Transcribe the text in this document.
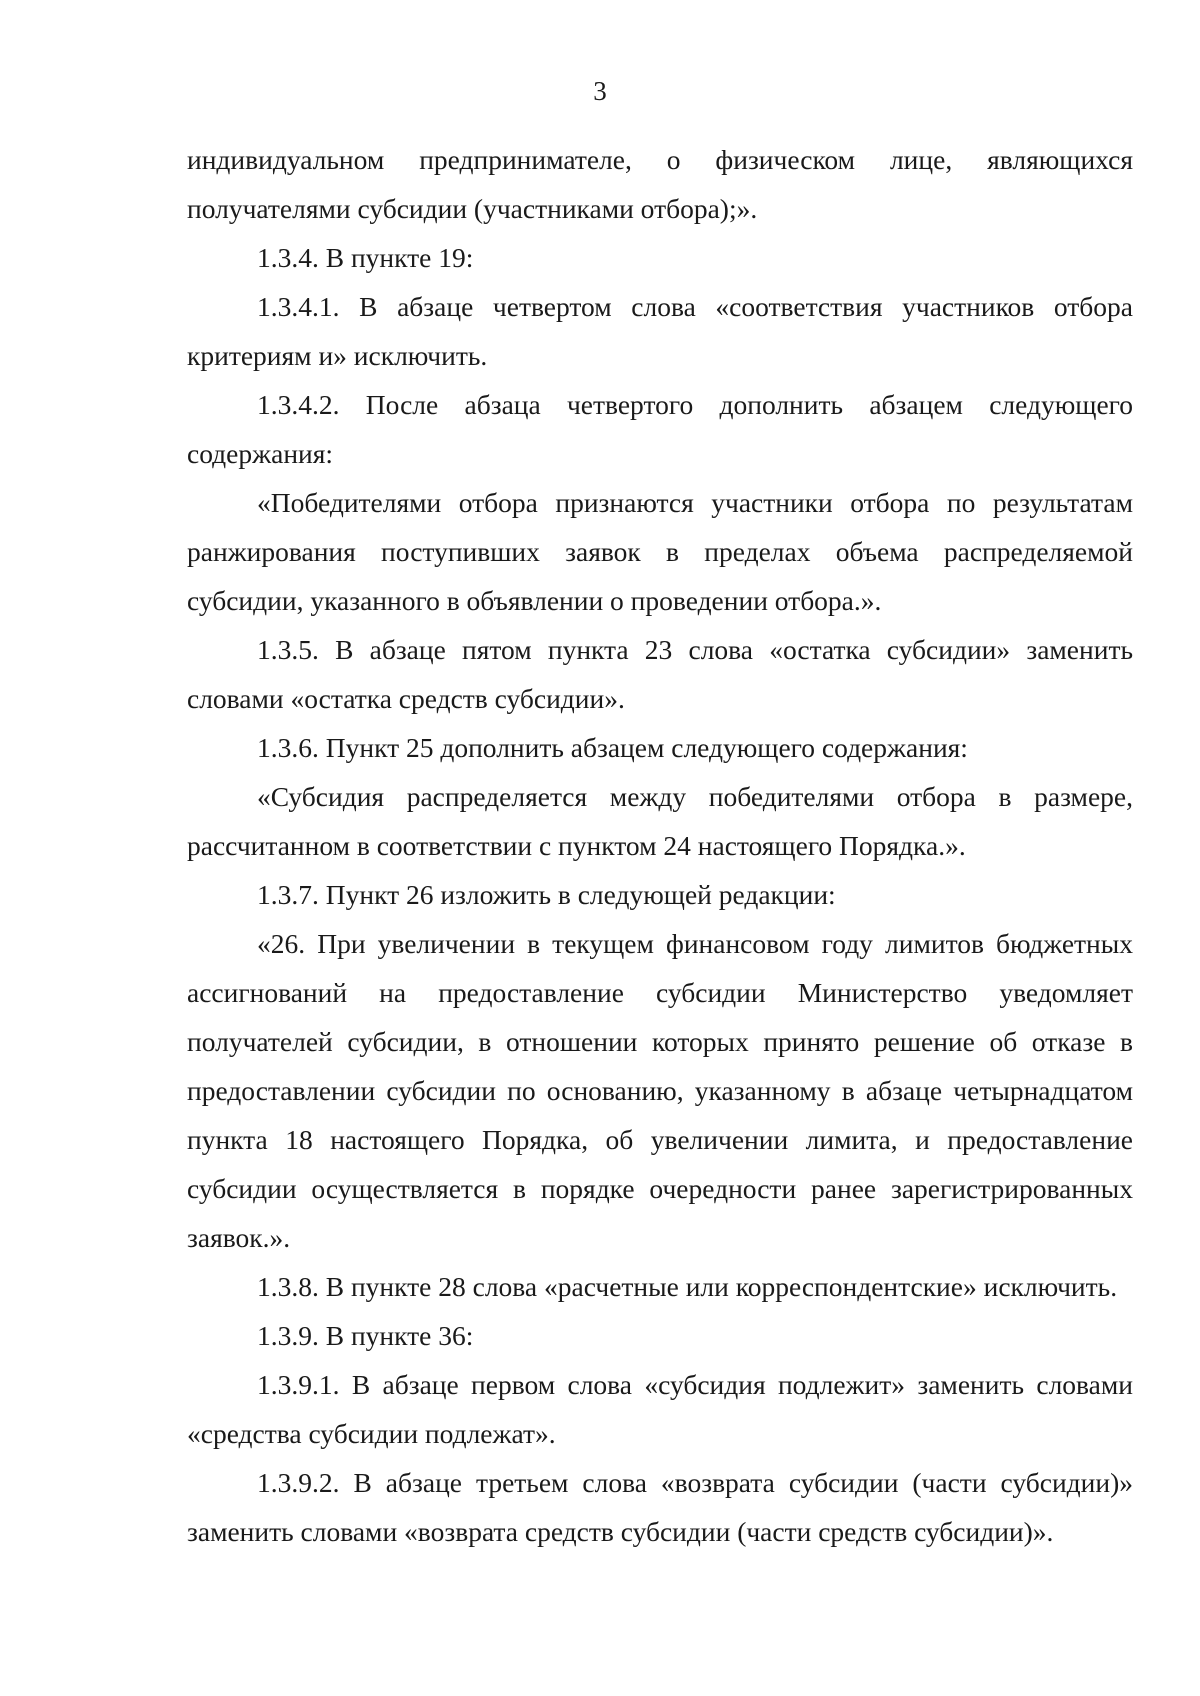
3

индивидуальном предпринимателе, о физическом лице, являющихся получателями субсидии (участниками отбора);».

1.3.4. В пункте 19:

1.3.4.1. В абзаце четвертом слова «соответствия участников отбора критериям и» исключить.

1.3.4.2. После абзаца четвертого дополнить абзацем следующего содержания:

«Победителями отбора признаются участники отбора по результатам ранжирования поступивших заявок в пределах объема распределяемой субсидии, указанного в объявлении о проведении отбора.».

1.3.5. В абзаце пятом пункта 23 слова «остатка субсидии» заменить словами «остатка средств субсидии».

1.3.6. Пункт 25 дополнить абзацем следующего содержания:

«Субсидия распределяется между победителями отбора в размере, рассчитанном в соответствии с пунктом 24 настоящего Порядка.».

1.3.7. Пункт 26 изложить в следующей редакции:

«26. При увеличении в текущем финансовом году лимитов бюджетных ассигнований на предоставление субсидии Министерство уведомляет получателей субсидии, в отношении которых принято решение об отказе в предоставлении субсидии по основанию, указанному в абзаце четырнадцатом пункта 18 настоящего Порядка, об увеличении лимита, и предоставление субсидии осуществляется в порядке очередности ранее зарегистрированных заявок.».

1.3.8. В пункте 28 слова «расчетные или корреспондентские» исключить.

1.3.9. В пункте 36:

1.3.9.1. В абзаце первом слова «субсидия подлежит» заменить словами «средства субсидии подлежат».

1.3.9.2. В абзаце третьем слова «возврата субсидии (части субсидии)» заменить словами «возврата средств субсидии (части средств субсидии)».
